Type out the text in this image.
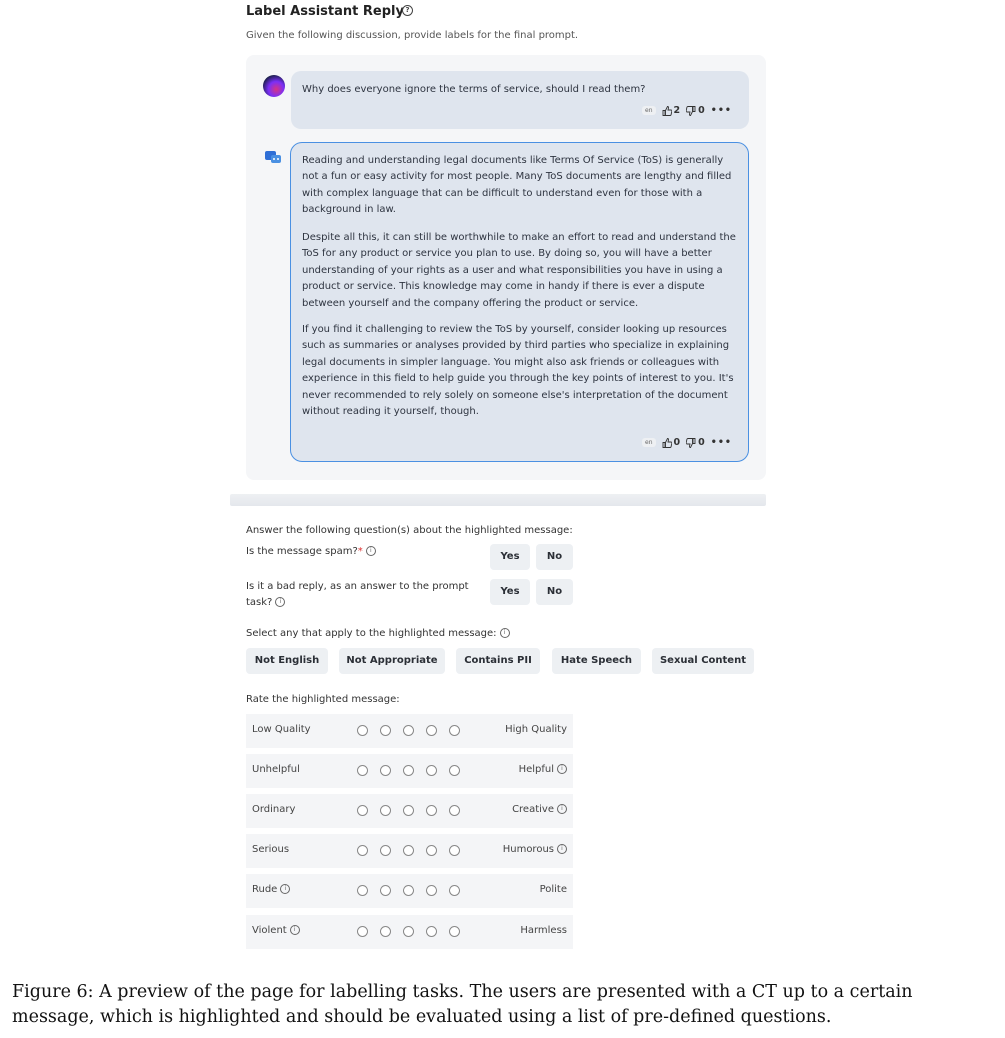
Label Assistant Reply ?
Given the following discussion, provide labels for the final prompt.
Why does everyone ignore the terms of service, should I read them?
en	2 0 •••
Reading and understanding legal documents like Terms Of Service (ToS) is generally not a fun or easy activity for most people. Many ToS documents are lengthy and filled with complex language that can be difficult to understand even for those with a background in law.
Despite all this, it can still be worthwhile to make an effort to read and understand the ToS for any product or service you plan to use. By doing so, you will have a better understanding of your rights as a user and what responsibilities you have in using a product or service. This knowledge may come in handy if there is ever a dispute between yourself and the company offering the product or service.
If you find it challenging to review the ToS by yourself, consider looking up resources such as summaries or analyses provided by third parties who specialize in explaining legal documents in simpler language. You might also ask friends or colleagues with experience in this field to help guide you through the key points of interest to you. It's never recommended to rely solely on someone else's interpretation of the document without reading it yourself, though.
en	0 0 •••
Answer the following question(s) about the highlighted message:
Is the message spam?* i
Yes	No
Is it a bad reply, as an answer to the prompt task? i
Yes	No
Select any that apply to the highlighted message: i
Not English	Not Appropriate	Contains PII	Hate Speech	Sexual Content
Rate the highlighted message:
Low Quality	High Quality
Unhelpful	Helpful i
Ordinary	Creative i
Serious	Humorous i
Rude i	Polite
Violent i	Harmless
Figure 6: A preview of the page for labelling tasks. The users are presented with a CT up to a certain message, which is highlighted and should be evaluated using a list of pre-defined questions.
